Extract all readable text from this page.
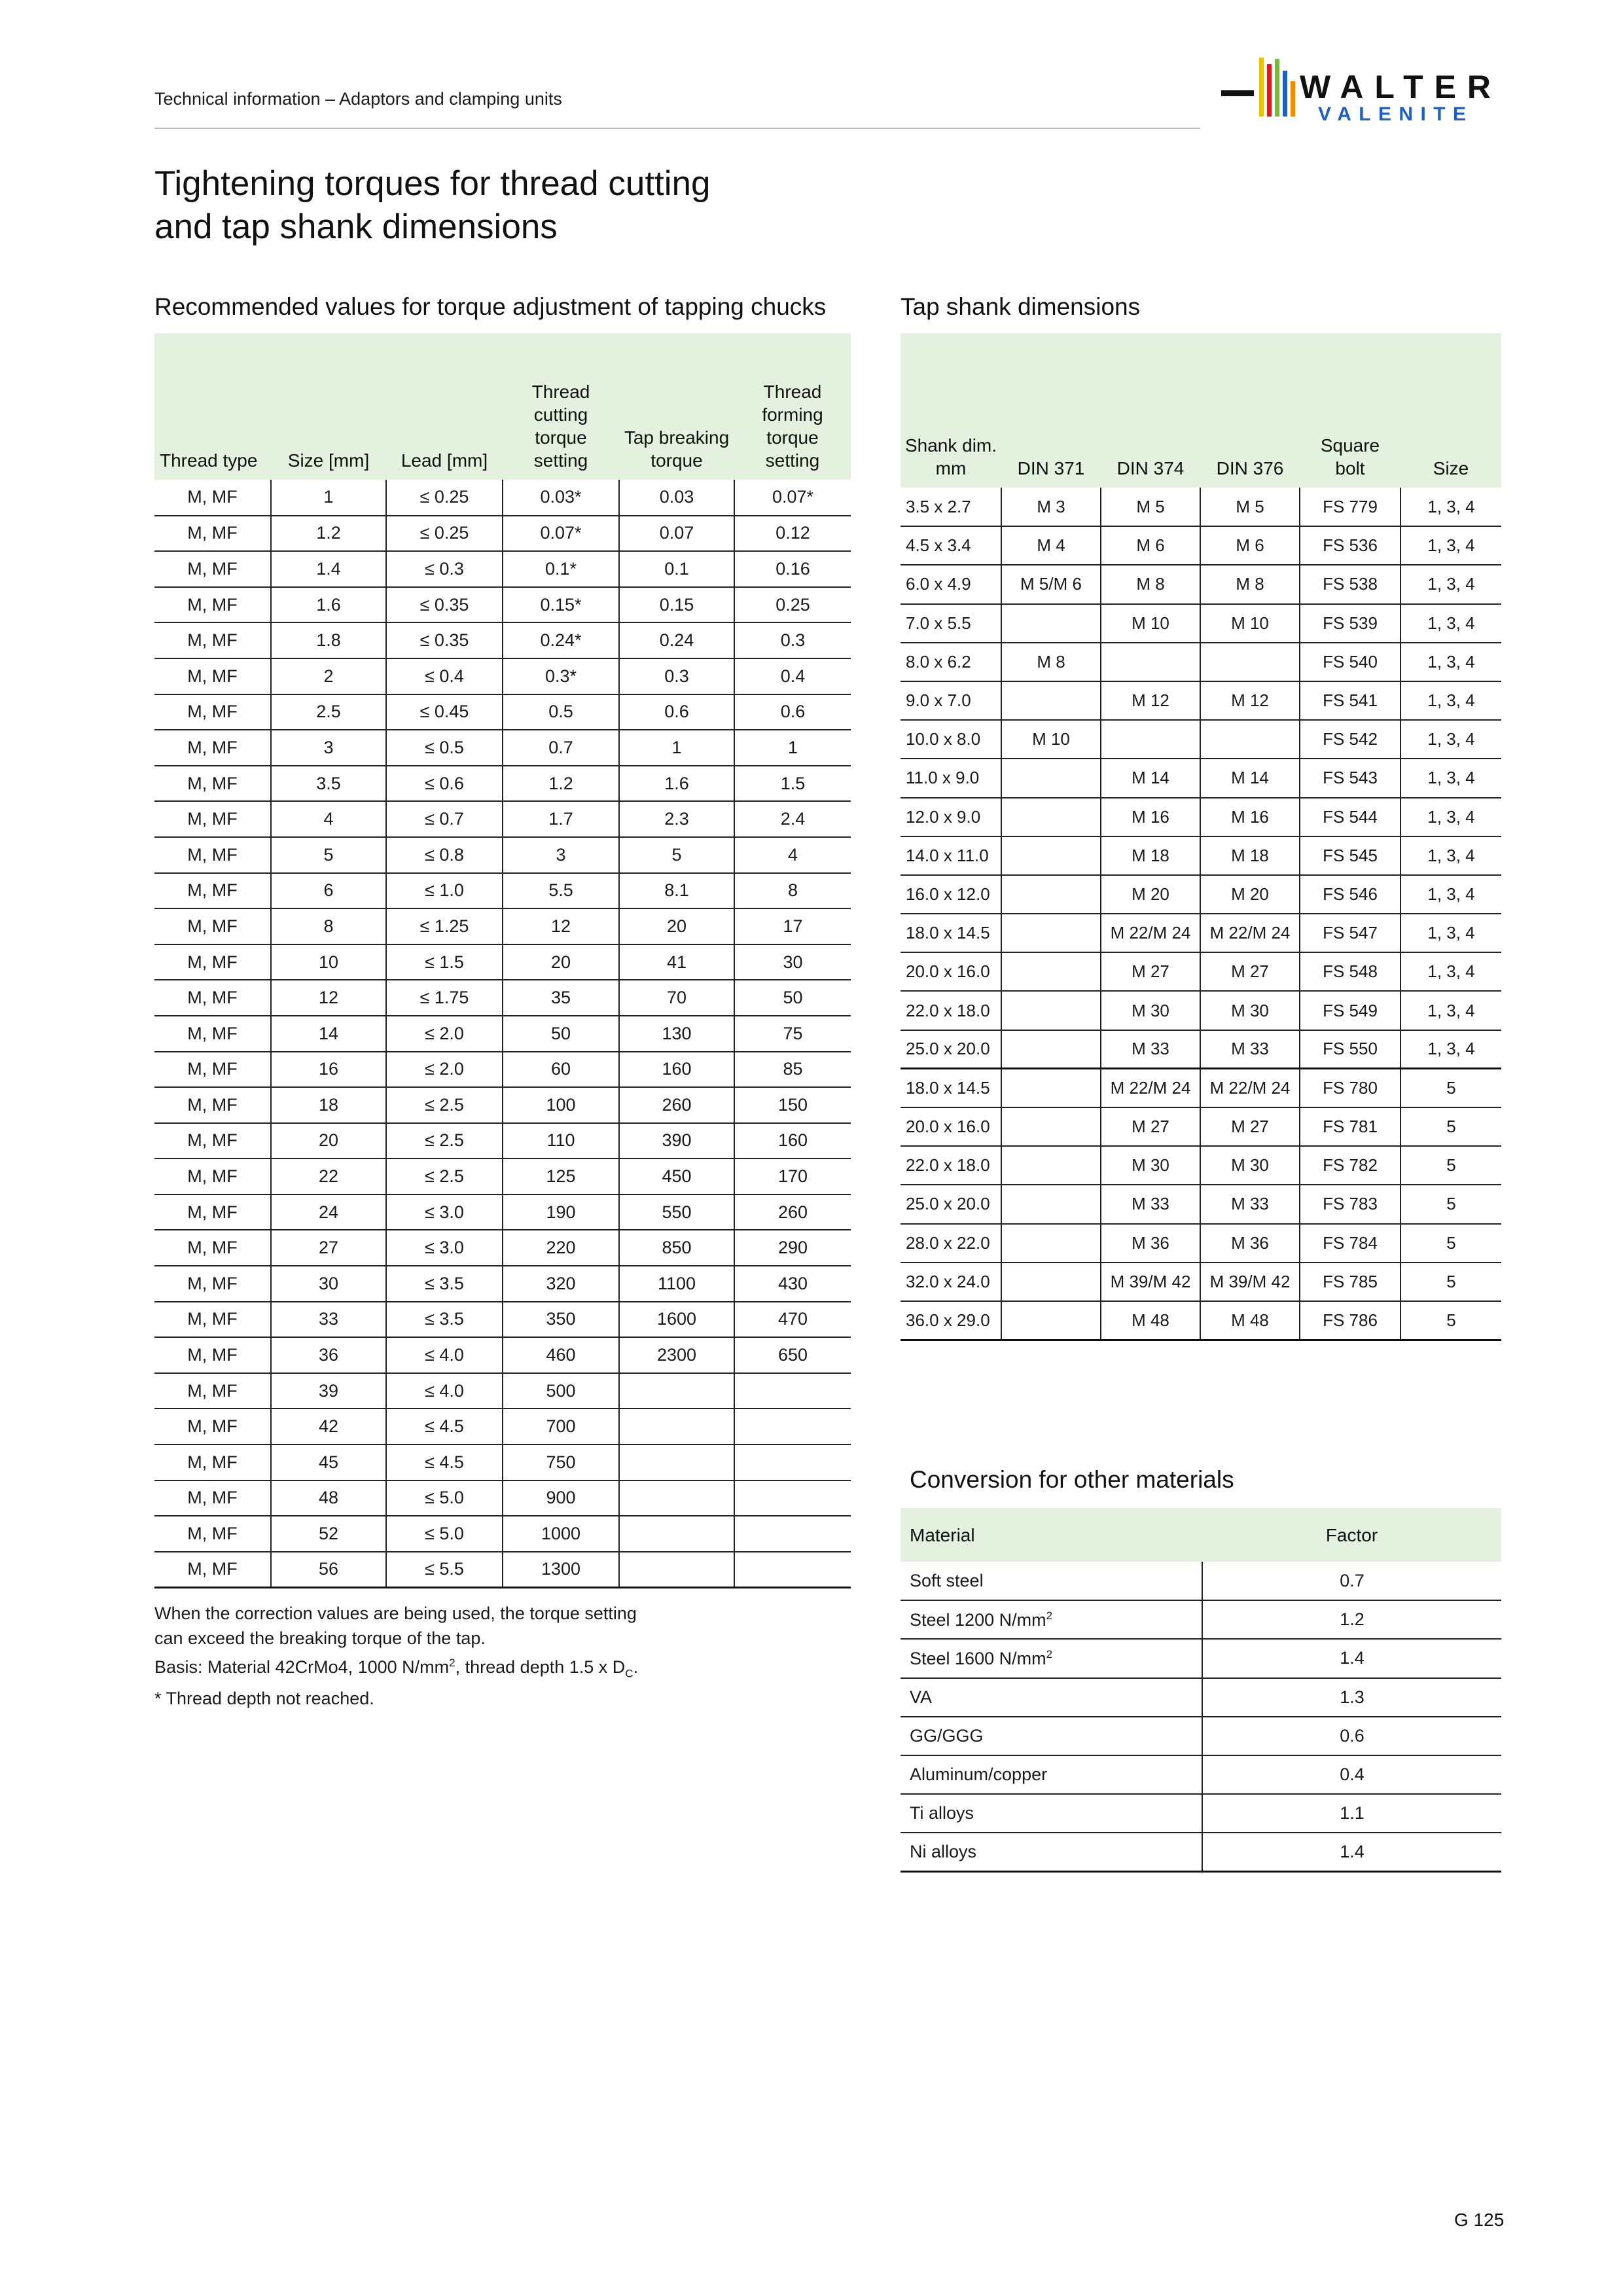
Technical information – Adaptors and clamping units	WALTER
VALENITE
Tightening torques for thread cutting
and tap shank dimensions
Recommended values for torque adjustment of tapping chucks	Tap shank dimensions
Thread type	Size [mm]	Lead [mm]	Thread cutting torque setting	Tap breaking torque	Thread forming torque setting
M, MF	1	≤ 0.25	0.03*	0.03	0.07*
M, MF	1.2	≤ 0.25	0.07*	0.07	0.12
M, MF	1.4	≤ 0.3	0.1*	0.1	0.16
M, MF	1.6	≤ 0.35	0.15*	0.15	0.25
M, MF	1.8	≤ 0.35	0.24*	0.24	0.3
M, MF	2	≤ 0.4	0.3*	0.3	0.4
M, MF	2.5	≤ 0.45	0.5	0.6	0.6
M, MF	3	≤ 0.5	0.7	1	1
M, MF	3.5	≤ 0.6	1.2	1.6	1.5
M, MF	4	≤ 0.7	1.7	2.3	2.4
M, MF	5	≤ 0.8	3	5	4
M, MF	6	≤ 1.0	5.5	8.1	8
M, MF	8	≤ 1.25	12	20	17
M, MF	10	≤ 1.5	20	41	30
M, MF	12	≤ 1.75	35	70	50
M, MF	14	≤ 2.0	50	130	75
M, MF	16	≤ 2.0	60	160	85
M, MF	18	≤ 2.5	100	260	150
M, MF	20	≤ 2.5	110	390	160
M, MF	22	≤ 2.5	125	450	170
M, MF	24	≤ 3.0	190	550	260
M, MF	27	≤ 3.0	220	850	290
M, MF	30	≤ 3.5	320	1100	430
M, MF	33	≤ 3.5	350	1600	470
M, MF	36	≤ 4.0	460	2300	650
M, MF	39	≤ 4.0	500		
M, MF	42	≤ 4.5	700		
M, MF	45	≤ 4.5	750		
M, MF	48	≤ 5.0	900		
M, MF	52	≤ 5.0	1000		
M, MF	56	≤ 5.5	1300		
Shank dim. mm	DIN 371	DIN 374	DIN 376	Square bolt	Size
3.5 x 2.7	M 3	M 5	M 5	FS 779	1, 3, 4
4.5 x 3.4	M 4	M 6	M 6	FS 536	1, 3, 4
6.0 x 4.9	M 5/M 6	M 8	M 8	FS 538	1, 3, 4
7.0 x 5.5		M 10	M 10	FS 539	1, 3, 4
8.0 x 6.2	M 8			FS 540	1, 3, 4
9.0 x 7.0		M 12	M 12	FS 541	1, 3, 4
10.0 x 8.0	M 10			FS 542	1, 3, 4
11.0 x 9.0		M 14	M 14	FS 543	1, 3, 4
12.0 x 9.0		M 16	M 16	FS 544	1, 3, 4
14.0 x 11.0		M 18	M 18	FS 545	1, 3, 4
16.0 x 12.0		M 20	M 20	FS 546	1, 3, 4
18.0 x 14.5		M 22/M 24	M 22/M 24	FS 547	1, 3, 4
20.0 x 16.0		M 27	M 27	FS 548	1, 3, 4
22.0 x 18.0		M 30	M 30	FS 549	1, 3, 4
25.0 x 20.0		M 33	M 33	FS 550	1, 3, 4
18.0 x 14.5		M 22/M 24	M 22/M 24	FS 780	5
20.0 x 16.0		M 27	M 27	FS 781	5
22.0 x 18.0		M 30	M 30	FS 782	5
25.0 x 20.0		M 33	M 33	FS 783	5
28.0 x 22.0		M 36	M 36	FS 784	5
32.0 x 24.0		M 39/M 42	M 39/M 42	FS 785	5
36.0 x 29.0		M 48	M 48	FS 786	5
When the correction values are being used, the torque setting
can exceed the breaking torque of the tap.
Basis: Material 42CrMo4, 1000 $N/mm^2$, thread depth 1.5 x $D_C$.
* Thread depth not reached.
Conversion for other materials
Material	Factor
Soft steel	0.7
Steel 1200 $N/mm^2$	1.2
Steel 1600 $N/mm^2$	1.4
VA	1.3
GG/GGG	0.6
Aluminum/copper	0.4
Ti alloys	1.1
Ni alloys	1.4
G 125
